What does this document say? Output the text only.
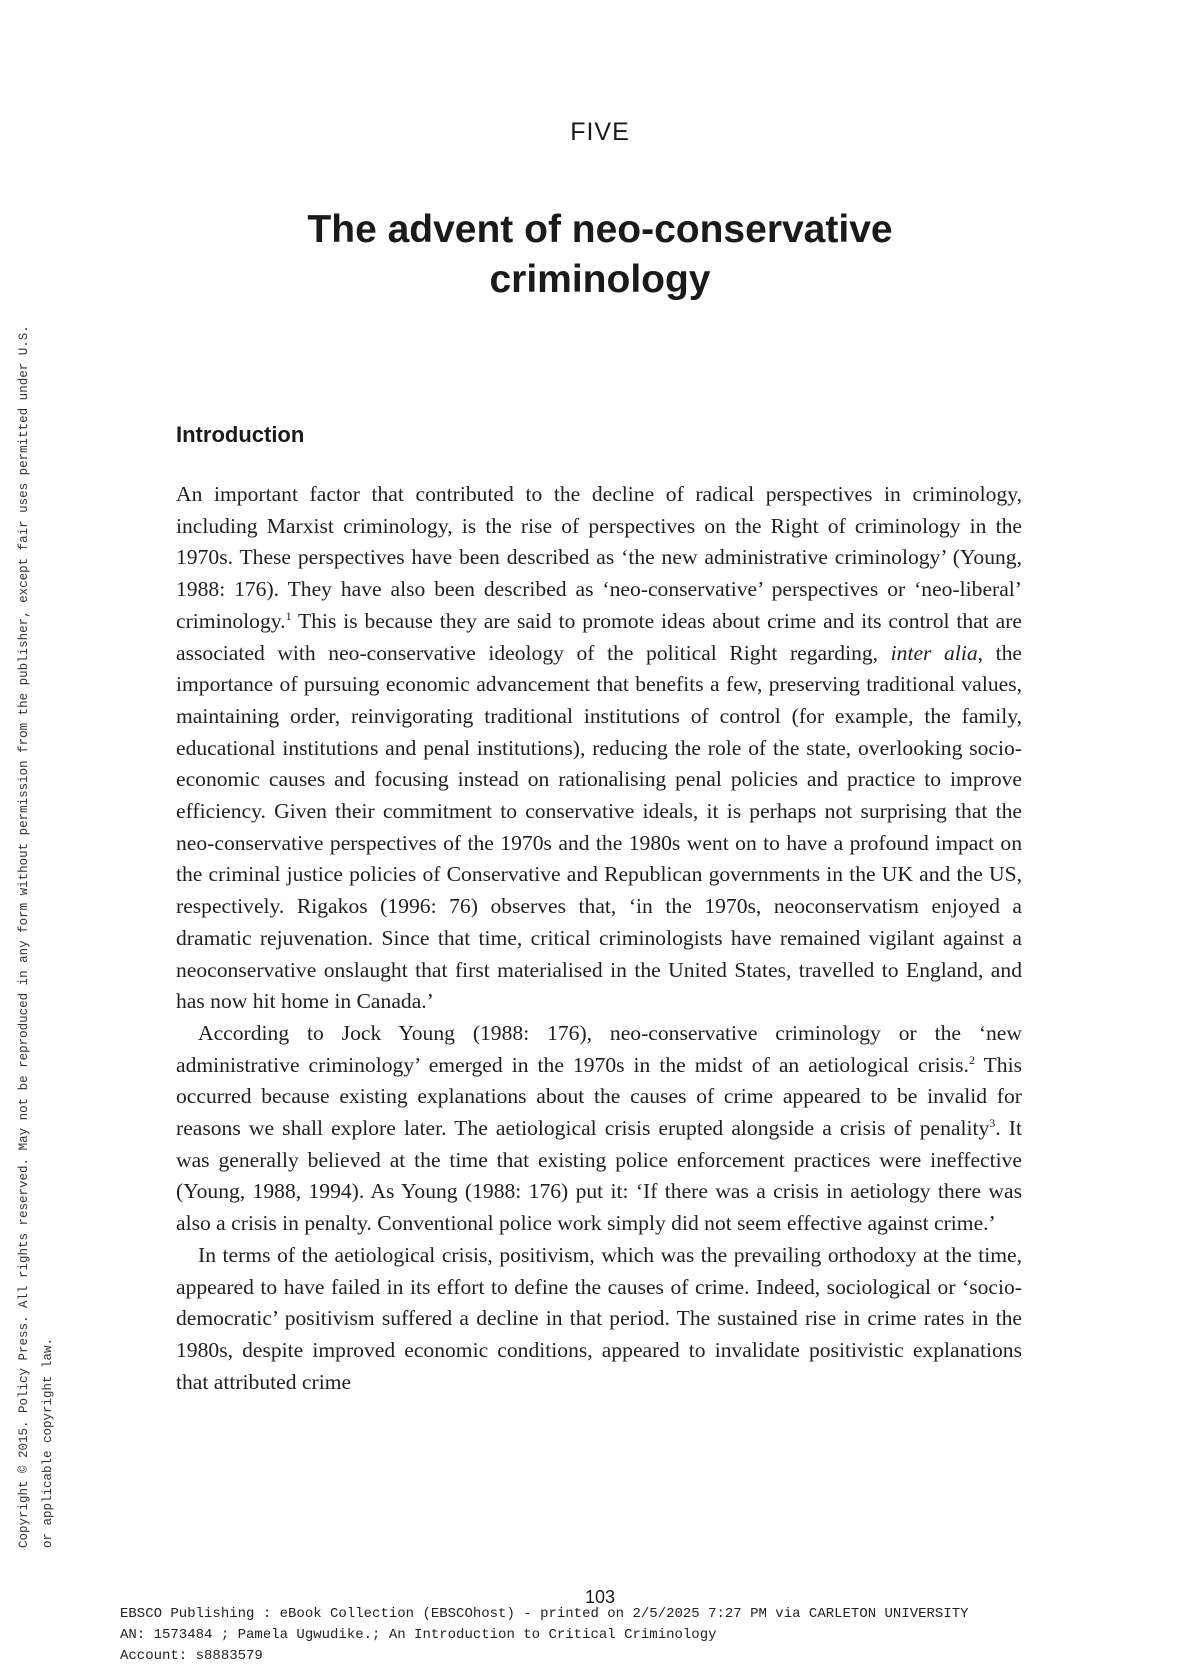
Copyright © 2015. Policy Press. All rights reserved. May not be reproduced in any form without permission from the publisher, except fair uses permitted under U.S. or applicable copyright law.
FIVE
The advent of neo-conservative criminology
Introduction

An important factor that contributed to the decline of radical perspectives in criminology, including Marxist criminology, is the rise of perspectives on the Right of criminology in the 1970s. These perspectives have been described as ‘the new administrative criminology’ (Young, 1988: 176). They have also been described as ‘neo-conservative’ perspectives or ‘neo-liberal’ criminology.$^1$ This is because they are said to promote ideas about crime and its control that are associated with neo-conservative ideology of the political Right regarding, inter alia, the importance of pursuing economic advancement that benefits a few, preserving traditional values, maintaining order, reinvigorating traditional institutions of control (for example, the family, educational institutions and penal institutions), reducing the role of the state, overlooking socio-economic causes and focusing instead on rationalising penal policies and practice to improve efficiency. Given their commitment to conservative ideals, it is perhaps not surprising that the neo-conservative perspectives of the 1970s and the 1980s went on to have a profound impact on the criminal justice policies of Conservative and Republican governments in the UK and the US, respectively. Rigakos (1996: 76) observes that, ‘in the 1970s, neoconservatism enjoyed a dramatic rejuvenation. Since that time, critical criminologists have remained vigilant against a neoconservative onslaught that first materialised in the United States, travelled to England, and has now hit home in Canada.’

According to Jock Young (1988: 176), neo-conservative criminology or the ‘new administrative criminology’ emerged in the 1970s in the midst of an aetiological crisis.$^2$ This occurred because existing explanations about the causes of crime appeared to be invalid for reasons we shall explore later. The aetiological crisis erupted alongside a crisis of penality$^3$. It was generally believed at the time that existing police enforcement practices were ineffective (Young, 1988, 1994). As Young (1988: 176) put it: ‘If there was a crisis in aetiology there was also a crisis in penalty. Conventional police work simply did not seem effective against crime.’

In terms of the aetiological crisis, positivism, which was the prevailing orthodoxy at the time, appeared to have failed in its effort to define the causes of crime. Indeed, sociological or ‘socio-democratic’ positivism suffered a decline in that period. The sustained rise in crime rates in the 1980s, despite improved economic conditions, appeared to invalidate positivistic explanations that attributed crime

103
EBSCO Publishing : eBook Collection (EBSCOhost) - printed on 2/5/2025 7:27 PM via CARLETON UNIVERSITY
AN: 1573484 ; Pamela Ugwudike.; An Introduction to Critical Criminology
Account: s8883579
